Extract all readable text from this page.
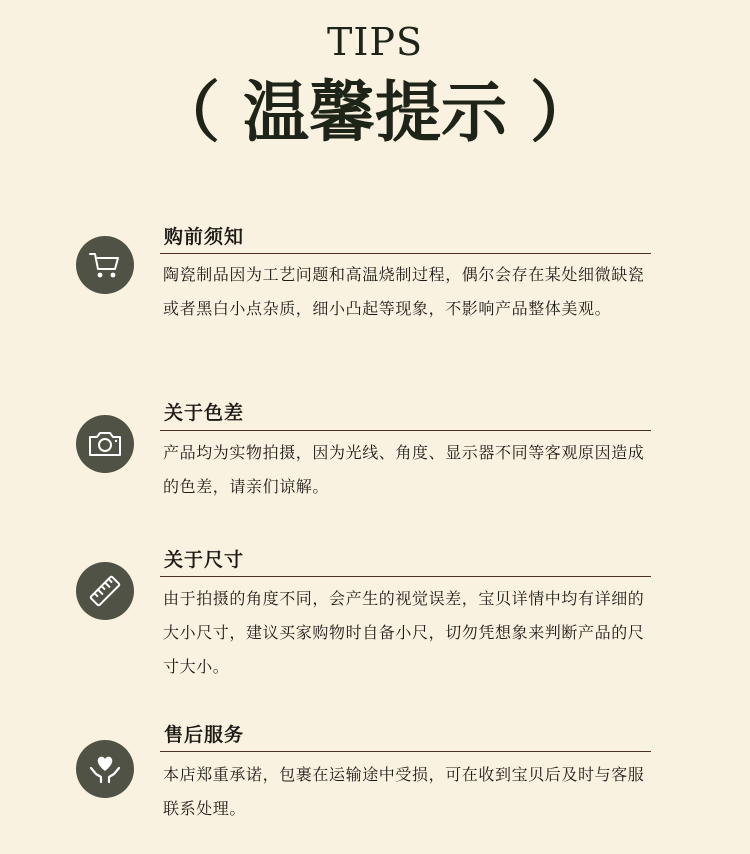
TIPS
（ 温馨提示 ）
购前须知
陶瓷制品因为工艺问题和高温烧制过程，偶尔会存在某处细微缺瓷或者黑白小点杂质，细小凸起等现象，不影响产品整体美观。
关于色差
产品均为实物拍摄，因为光线、角度、显示器不同等客观原因造成的色差，请亲们谅解。
关于尺寸
由于拍摄的角度不同，会产生的视觉误差，宝贝详情中均有详细的大小尺寸，建议买家购物时自备小尺，切勿凭想象来判断产品的尺寸大小。
售后服务
本店郑重承诺，包裹在运输途中受损，可在收到宝贝后及时与客服联系处理。
